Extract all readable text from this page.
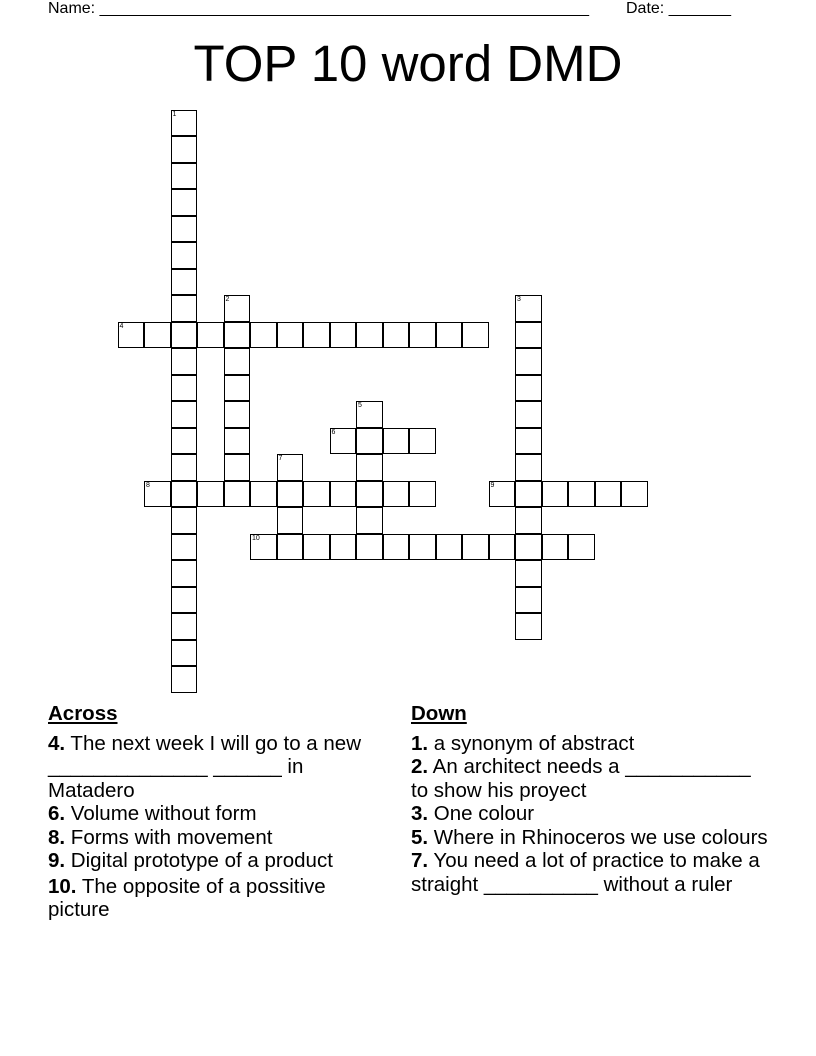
Name: _______________________________________________________ Date: _______
TOP 10 word DMD
1
2	3
4
5
6
7
8	9
10
Across
4. The next week I will go to a new ______________ ______ in Matadero
6. Volume without form
8. Forms with movement
9. Digital prototype of a product
10. The opposite of a possitive picture
Down
1. a synonym of abstract
2. An architect needs a ___________ to show his proyect
3. One colour
5. Where in Rhinoceros we use colours
7. You need a lot of practice to make a straight __________ without a ruler
